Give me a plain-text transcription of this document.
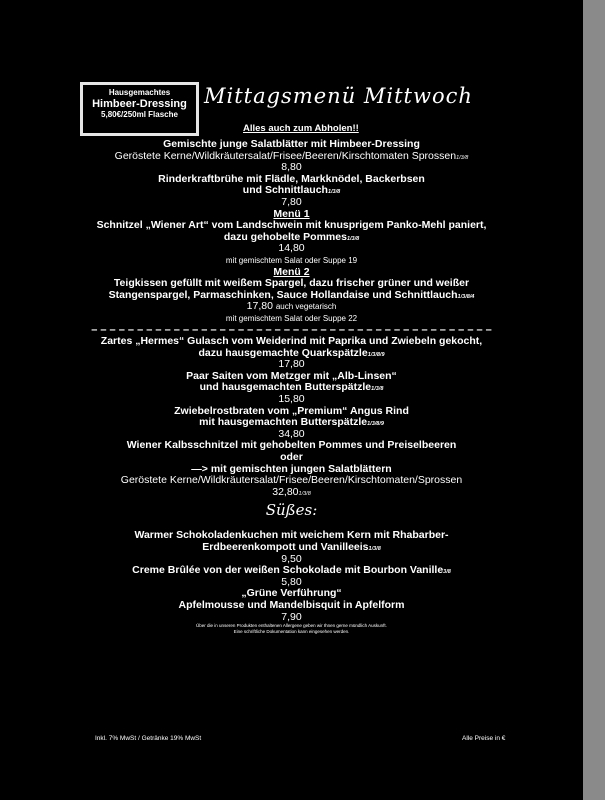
Hausgemachtes
Himbeer-Dressing
5,80€/250ml Flasche
Mittagsmenü Mittwoch
Alles auch zum Abholen!!
Gemischte junge Salatblätter mit Himbeer-Dressing
Geröstete Kerne/Wildkräutersalat/Frisee/Beeren/Kirschtomaten Sprossen1/3/8
8,80
Rinderkraftbrühe mit Flädle, Markknödel, Backerbsen
und Schnittlauch1/3/8
7,80
Menü 1
Schnitzel „Wiener Art“ vom Landschwein mit knusprigem Panko-Mehl paniert,
dazu gehobelte Pommes1/3/8
14,80
mit gemischtem Salat oder Suppe 19
Menü 2
Teigkissen gefüllt mit weißem Spargel, dazu frischer grüner und weißer
Stangenspargel, Parmaschinken, Sauce Hollandaise und Schnittlauch1/3/8/4
17,80 auch vegetarisch
mit gemischtem Salat oder Suppe 22
– – – – – – – – – – – – – – – – – – – – – – – – – – – – – – – – – – – – – – – – – – – –
Zartes „Hermes“ Gulasch vom Weiderind mit Paprika und Zwiebeln gekocht,
dazu hausgemachte Quarkspätzle1/3/8/9
17,80
Paar Saiten vom Metzger mit „Alb-Linsen“
und hausgemachten Butterspätzle1/3/8
15,80
Zwiebelrostbraten vom „Premium“ Angus Rind
mit hausgemachten Butterspätzle1/3/8/9
34,80
Wiener Kalbsschnitzel mit gehobelten Pommes und Preiselbeeren
oder
—> mit gemischten jungen Salatblättern
Geröstete Kerne/Wildkräutersalat/Frisee/Beeren/Kirschtomaten/Sprossen
32,801/3/8
Süßes:
Warmer Schokoladenkuchen mit weichem Kern mit Rhabarber-
Erdbeerenkompott und Vanilleeis1/3/8
9,50
Creme Brûlée von der weißen Schokolade mit Bourbon Vanille3/8
5,80
„Grüne Verführung“
Apfelmousse und Mandelbisquit in Apfelform
7,90
Über die in unseren Produkten enthaltenen Allergene geben wir Ihnen gerne mündlich Auskunft.
Eine schriftliche Dokumentation kann eingesehen werden.
Inkl. 7% MwSt / Getränke 19% MwSt	Alle Preise in €
